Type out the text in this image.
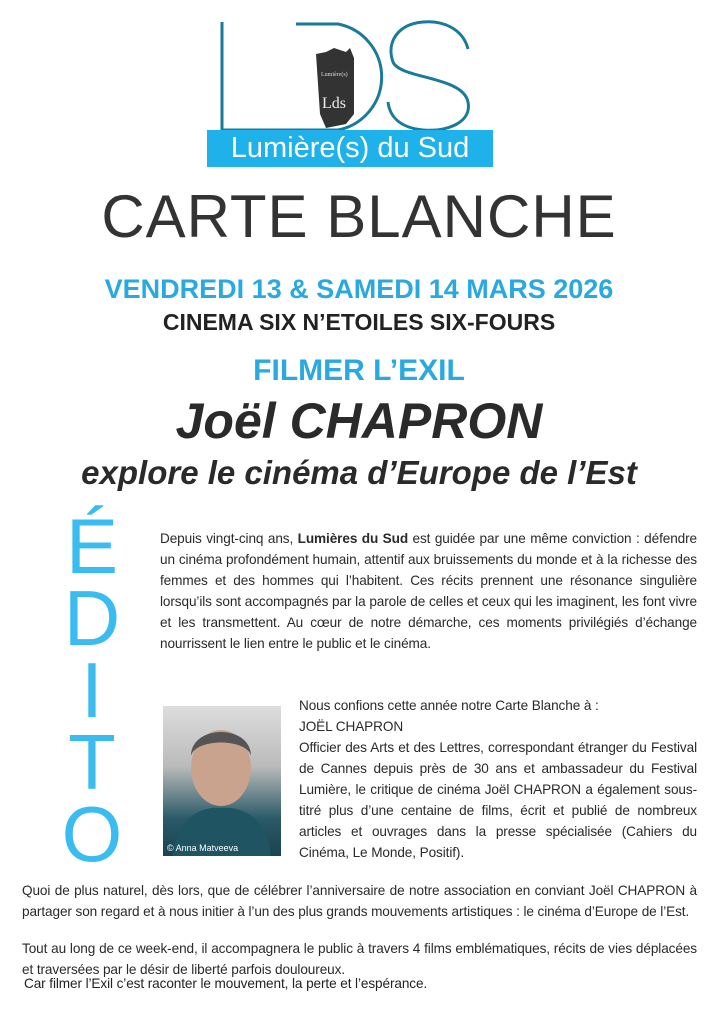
Lumière(s)
Lds
Lumière(s) du Sud
CARTE BLANCHE
VENDREDI 13 & SAMEDI 14 MARS 2026
CINEMA SIX N’ETOILES SIX-FOURS
FILMER L’EXIL
Joël CHAPRON
explore le cinéma d’Europe de l’Est
É
D
I
T
O
Depuis vingt-cinq ans, Lumières du Sud est guidée par une même conviction : défendre un cinéma profondément humain, attentif aux bruissements du monde et à la richesse des femmes et des hommes qui l’habitent. Ces récits prennent une résonance singulière lorsqu’ils sont accompagnés par la parole de celles et ceux qui les imaginent, les font vivre et les transmettent. Au cœur de notre démarche, ces moments privilégiés d’échange nourrissent le lien entre le public et le cinéma.
© Anna Matveeva
Nous confions cette année notre Carte Blanche à :
JOËL CHAPRON
Officier des Arts et des Lettres, correspondant étranger du Festival de Cannes depuis près de 30 ans et ambassadeur du Festival Lumière, le critique de cinéma Joël CHAPRON a également sous-titré plus d’une centaine de films, écrit et publié de nombreux articles et ouvrages dans la presse spécialisée (Cahiers du Cinéma, Le Monde, Positif).
Quoi de plus naturel, dès lors, que de célébrer l’anniversaire de notre association en conviant Joël CHAPRON à partager son regard et à nous initier à l’un des plus grands mouvements artistiques : le cinéma d’Europe de l’Est.
Tout au long de ce week-end, il accompagnera le public à travers 4 films emblématiques, récits de vies déplacées et traversées par le désir de liberté parfois douloureux.
Car filmer l’Exil c’est raconter le mouvement, la perte et l’espérance.
